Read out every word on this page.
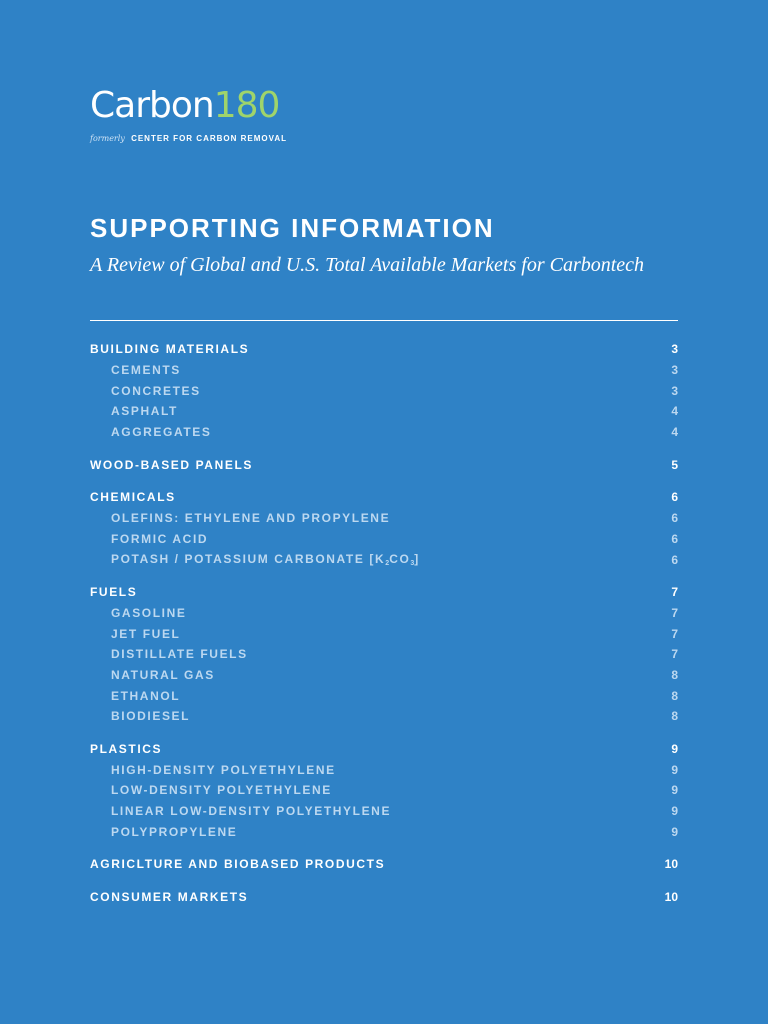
Carbon180
formerly CENTER FOR CARBON REMOVAL
SUPPORTING INFORMATION
A Review of Global and U.S. Total Available Markets for Carbontech
BUILDING MATERIALS	3
CEMENTS	3
CONCRETES	3
ASPHALT	4
AGGREGATES	4
WOOD-BASED PANELS	5
CHEMICALS	6
OLEFINS: ETHYLENE AND PROPYLENE	6
FORMIC ACID	6
POTASH / POTASSIUM CARBONATE $[K_2CO_3]$	6
FUELS	7
GASOLINE	7
JET FUEL	7
DISTILLATE FUELS	7
NATURAL GAS	8
ETHANOL	8
BIODIESEL	8
PLASTICS	9
HIGH-DENSITY POLYETHYLENE	9
LOW-DENSITY POLYETHYLENE	9
LINEAR LOW-DENSITY POLYETHYLENE	9
POLYPROPYLENE	9
AGRICLTURE AND BIOBASED PRODUCTS	10
CONSUMER MARKETS	10
